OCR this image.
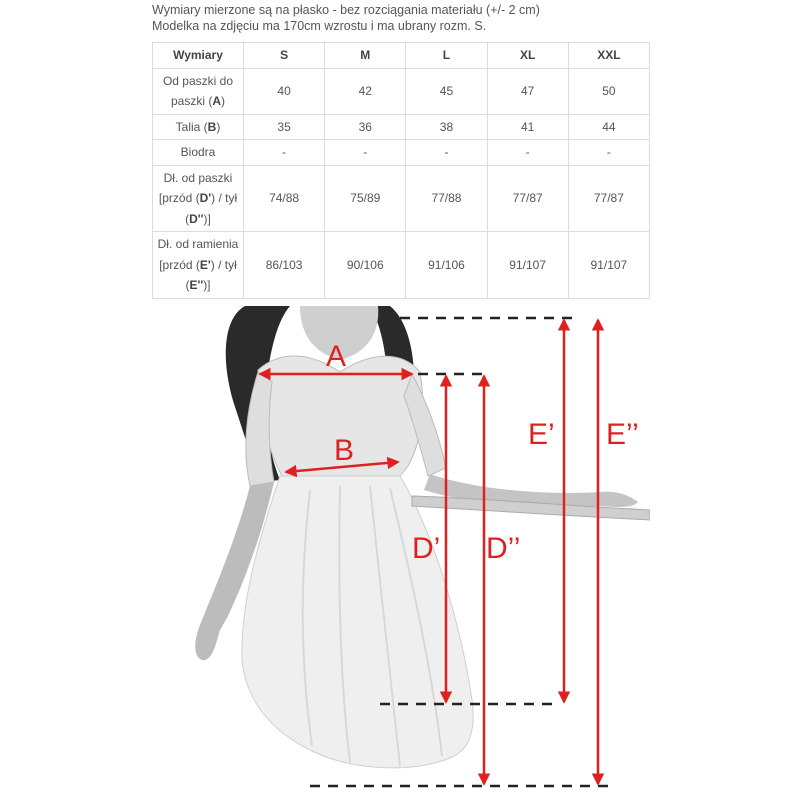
Wymiary mierzone są na płasko - bez rozciągania materiału (+/- 2 cm)
Modelka na zdjęciu ma 170cm wzrostu i ma ubrany rozm. S.
Wymiary	S	M	L	XL	XXL
Od paszki do paszki (A)	40	42	45	47	50
Talia (B)	35	36	38	41	44
Biodra	-	-	-	-	-
Dł. od paszki [przód (D') / tył (D'')]	74/88	75/89	77/88	77/87	77/87
Dł. od ramienia [przód (E') / tył (E'')]	86/103	90/106	91/106	91/107	91/107
A
B
D’ D’’
E’ E’’
